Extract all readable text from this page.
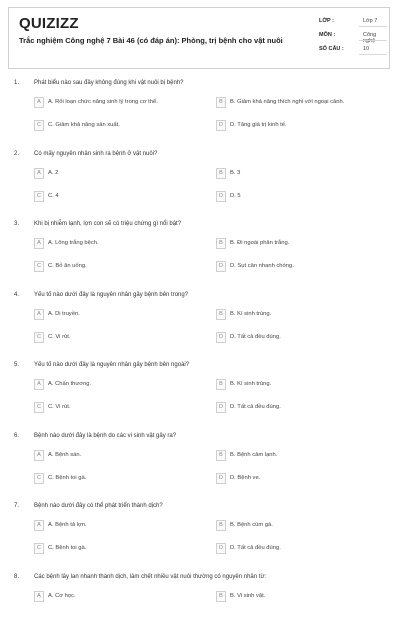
QUIZIZZ
Trắc nghiệm Công nghệ 7 Bài 46 (có đáp án): Phòng, trị bệnh cho vật nuôi
LỚP :	Lớp 7
MÔN :	Công nghệ
SỐ CÂU :	10
1. Phát biểu nào sau đây không đúng khi vật nuôi bị bệnh?
A	A. Rối loạn chức năng sinh lý trong cơ thể.	B	B. Giảm khả năng thích nghi với ngoại cảnh.
C	C. Giảm khả năng sản xuất.	D	D. Tăng giá trị kinh tế.
2. Có mấy nguyên nhân sinh ra bệnh ở vật nuôi?
A	A. 2	B	B. 3
C	C. 4	D	D. 5
3. Khi bị nhiễm lạnh, lợn con sẽ có triệu chứng gì nổi bật?
A	A. Lông trắng bệch.	B	B. Đi ngoài phân trắng.
C	C. Bỏ ăn uống.	D	D. Sụt cân nhanh chóng.
4. Yếu tố nào dưới đây là nguyên nhân gây bệnh bên trong?
A	A. Di truyền.	B	B. Kí sinh trùng.
C	C. Vi rút.	D	D. Tất cả đều đúng.
5. Yếu tố nào dưới đây là nguyên nhân gây bệnh bên ngoài?
A	A. Chấn thương.	B	B. Kí sinh trùng.
C	C. Vi rút.	D	D. Tất cả đều đúng.
6. Bệnh nào dưới đây là bệnh do các vi sinh vật gây ra?
A	A. Bệnh sán.	B	B. Bệnh cảm lạnh.
C	C. Bệnh toi gà.	D	D. Bệnh ve.
7. Bệnh nào dưới đây có thể phát triển thành dịch?
A	A. Bệnh tả lợn.	B	B. Bệnh cúm gà.
C	C. Bệnh toi gà.	D	D. Tất cả đều đúng.
8. Các bệnh lây lan nhanh thành dịch, làm chết nhiều vật nuôi thường có nguyên nhân từ:
A	A. Cơ học.	B	B. Vi sinh vật.
